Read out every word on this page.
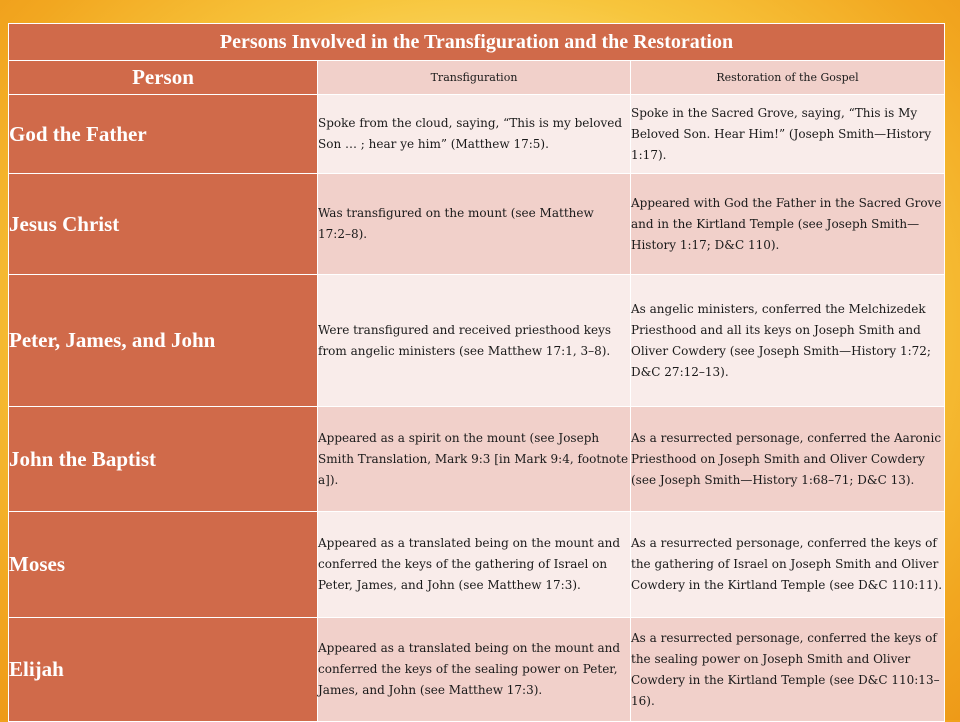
Persons Involved in the Transfiguration and the Restoration		
Person	Transfiguration	Restoration of the Gospel
God the Father	Spoke from the cloud, saying, “This is my beloved Son … ; hear ye him” (Matthew 17:5).	Spoke in the Sacred Grove, saying, “This is My Beloved Son. Hear Him!” (Joseph Smith—History 1:17).
Jesus Christ	Was transfigured on the mount (see Matthew 17:2–8).	Appeared with God the Father in the Sacred Grove and in the Kirtland Temple (see Joseph Smith—History 1:17; D&C 110).
Peter, James, and John	Were transfigured and received priesthood keys from angelic ministers (see Matthew 17:1, 3–8).	As angelic ministers, conferred the Melchizedek Priesthood and all its keys on Joseph Smith and Oliver Cowdery (see Joseph Smith—History 1:72; D&C 27:12–13).
John the Baptist	Appeared as a spirit on the mount (see Joseph Smith Translation, Mark 9:3 [in Mark 9:4, footnote a]).	As a resurrected personage, conferred the Aaronic Priesthood on Joseph Smith and Oliver Cowdery (see Joseph Smith—History 1:68–71; D&C 13).
Moses	Appeared as a translated being on the mount and conferred the keys of the gathering of Israel on Peter, James, and John (see Matthew 17:3).	As a resurrected personage, conferred the keys of the gathering of Israel on Joseph Smith and Oliver Cowdery in the Kirtland Temple (see D&C 110:11).
Elijah	Appeared as a translated being on the mount and conferred the keys of the sealing power on Peter, James, and John (see Matthew 17:3).	As a resurrected personage, conferred the keys of the sealing power on Joseph Smith and Oliver Cowdery in the Kirtland Temple (see D&C 110:13–16).
